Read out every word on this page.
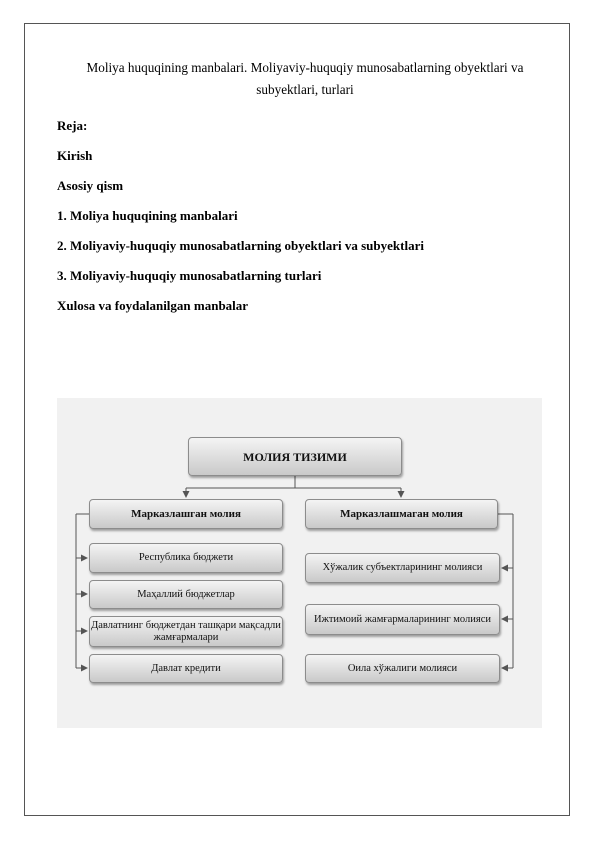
Moliya huquqining manbalari. Moliyaviy-huquqiy munosabatlarning obyektlari va subyektlari, turlari
Reja:
Kirish
Asosiy qism
1. Moliya huquqining manbalari
2. Moliyaviy-huquqiy munosabatlarning obyektlari va subyektlari
3. Moliyaviy-huquqiy munosabatlarning turlari
Xulosa va foydalanilgan manbalar
МОЛИЯ ТИЗИМИ
Марказлашган молия	Марказлашмаган молия
Республика бюджети
Маҳаллий бюджетлар
Давлатнинг бюджетдан ташқари мақсадли жамғармалари
Давлат кредити
Хўжалик субъектларининг молияси
Ижтимоий жамғармаларининг молияси
Оила хўжалиги молияси
